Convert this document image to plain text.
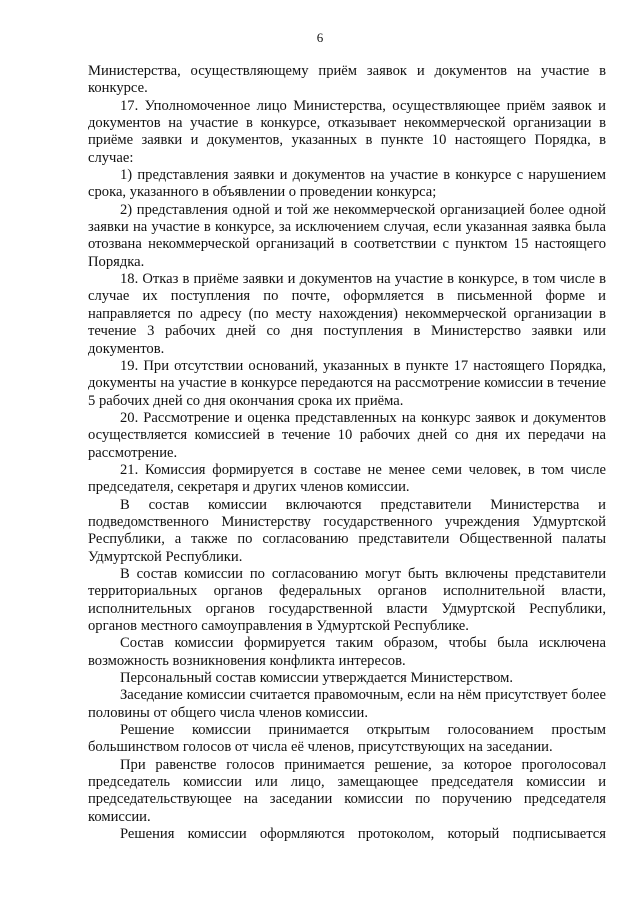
6

Министерства, осуществляющему приём заявок и документов на участие в конкурсе.

17. Уполномоченное лицо Министерства, осуществляющее приём заявок и документов на участие в конкурсе, отказывает некоммерческой организации в приёме заявки и документов, указанных в пункте 10 настоящего Порядка, в случае:

1) представления заявки и документов на участие в конкурсе с нарушением срока, указанного в объявлении о проведении конкурса;

2) представления одной и той же некоммерческой организацией более одной заявки на участие в конкурсе, за исключением случая, если указанная заявка была отозвана некоммерческой организаций в соответствии с пунктом 15 настоящего Порядка.

18. Отказ в приёме заявки и документов на участие в конкурсе, в том числе в случае их поступления по почте, оформляется в письменной форме и направляется по адресу (по месту нахождения) некоммерческой организации в течение 3 рабочих дней со дня поступления в Министерство заявки или документов.

19. При отсутствии оснований, указанных в пункте 17 настоящего Порядка, документы на участие в конкурсе передаются на рассмотрение комиссии в течение 5 рабочих дней со дня окончания срока их приёма.

20. Рассмотрение и оценка представленных на конкурс заявок и документов осуществляется комиссией в течение 10 рабочих дней со дня их передачи на рассмотрение.

21. Комиссия формируется в составе не менее семи человек, в том числе председателя, секретаря и других членов комиссии.

В состав комиссии включаются представители Министерства и подведомственного Министерству государственного учреждения Удмуртской Республики, а также по согласованию представители Общественной палаты Удмуртской Республики.

В состав комиссии по согласованию могут быть включены представители территориальных органов федеральных органов исполнительной власти, исполнительных органов государственной власти Удмуртской Республики, органов местного самоуправления в Удмуртской Республике.

Состав комиссии формируется таким образом, чтобы была исключена возможность возникновения конфликта интересов.

Персональный состав комиссии утверждается Министерством.

Заседание комиссии считается правомочным, если на нём присутствует более половины от общего числа членов комиссии.

Решение комиссии принимается открытым голосованием простым большинством голосов от числа её членов, присутствующих на заседании.

При равенстве голосов принимается решение, за которое проголосовал председатель комиссии или лицо, замещающее председателя комиссии и председательствующее на заседании комиссии по поручению председателя комиссии.

Решения комиссии оформляются протоколом, который подписывается
